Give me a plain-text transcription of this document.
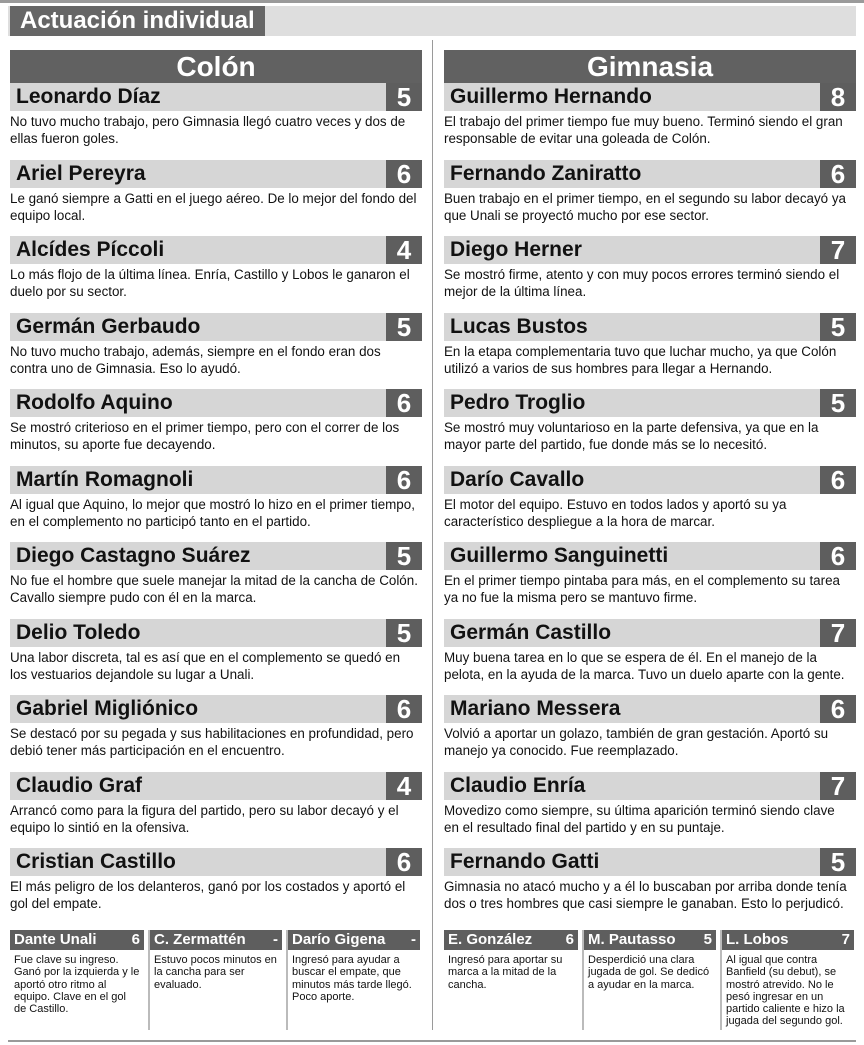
Actuación individual
Colón
Leonardo Díaz	5
No tuvo mucho trabajo, pero Gimnasia llegó cuatro veces y dos de ellas fueron goles.
Ariel Pereyra	6
Le ganó siempre a Gatti en el juego aéreo. De lo mejor del fondo del equipo local.
Alcídes Píccoli	4
Lo más flojo de la última línea. Enría, Castillo y Lobos le ganaron el duelo por su sector.
Germán Gerbaudo	5
No tuvo mucho trabajo, además, siempre en el fondo eran dos contra uno de Gimnasia. Eso lo ayudó.
Rodolfo Aquino	6
Se mostró criterioso en el primer tiempo, pero con el correr de los minutos, su aporte fue decayendo.
Martín Romagnoli	6
Al igual que Aquino, lo mejor que mostró lo hizo en el primer tiempo, en el complemento no participó tanto en el partido.
Diego Castagno Suárez	5
No fue el hombre que suele manejar la mitad de la cancha de Colón. Cavallo siempre pudo con él en la marca.
Delio Toledo	5
Una labor discreta, tal es así que en el complemento se quedó en los vestuarios dejandole su lugar a Unali.
Gabriel Migliónico	6
Se destacó por su pegada y sus habilitaciones en profundidad, pero debió tener más participación en el encuentro.
Claudio Graf	4
Arrancó como para la figura del partido, pero su labor decayó y el equipo lo sintió en la ofensiva.
Cristian Castillo	6
El más peligro de los delanteros, ganó por los costados y aportó el gol del empate.
Gimnasia
Guillermo Hernando	8
El trabajo del primer tiempo fue muy bueno. Terminó siendo el gran responsable de evitar una goleada de Colón.
Fernando Zaniratto	6
Buen trabajo en el primer tiempo, en el segundo su labor decayó ya que Unali se proyectó mucho por ese sector.
Diego Herner	7
Se mostró firme, atento y con muy pocos errores terminó siendo el mejor de la última línea.
Lucas Bustos	5
En la etapa complementaria tuvo que luchar mucho, ya que Colón utilizó a varios de sus hombres para llegar a Hernando.
Pedro Troglio	5
Se mostró muy voluntarioso en la parte defensiva, ya que en la mayor parte del partido, fue donde más se lo necesitó.
Darío Cavallo	6
El motor del equipo. Estuvo en todos lados y aportó su ya característico despliegue a la hora de marcar.
Guillermo Sanguinetti	6
En el primer tiempo pintaba para más, en el complemento su tarea ya no fue la misma pero se mantuvo firme.
Germán Castillo	7
Muy buena tarea en lo que se espera de él. En el manejo de la pelota, en la ayuda de la marca. Tuvo un duelo aparte con la gente.
Mariano Messera	6
Volvió a aportar un golazo, también de gran gestación. Aportó su manejo ya conocido. Fue reemplazado.
Claudio Enría	7
Movedizo como siempre, su última aparición terminó siendo clave en el resultado final del partido y en su puntaje.
Fernando Gatti	5
Gimnasia no atacó mucho y a él lo buscaban por arriba donde tenía dos o tres hombres que casi siempre le ganaban. Esto lo perjudicó.
Dante Unali 6
Fue clave su ingreso. Ganó por la izquierda y le aportó otro ritmo al equipo. Clave en el gol de Castillo.
C. Zermattén -
Estuvo pocos minutos en la cancha para ser evaluado.
Darío Gigena -
Ingresó para ayudar a buscar el empate, que minutos más tarde llegó. Poco aporte.
E. González 6
Ingresó para aportar su marca a la mitad de la cancha.
M. Pautasso 5
Desperdició una clara jugada de gol. Se dedicó a ayudar en la marca.
L. Lobos	7
Al igual que contra Banfield (su debut), se mostró atrevido. No le pesó ingresar en un partido caliente e hizo la jugada del segundo gol.
